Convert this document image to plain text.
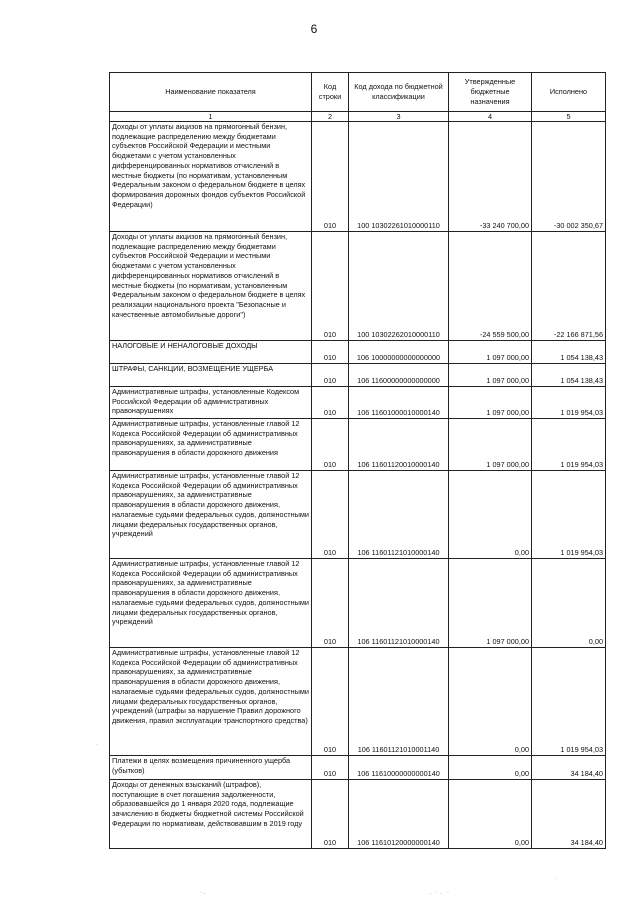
6
Наименование показателя	Код строки	Код дохода по бюджетной классификации	Утвержденные бюджетные назначения	Исполнено
1	2	3	4	5
Доходы от уплаты акцизов на прямогонный бензин, подлежащие распределению между бюджетами субъектов Российской Федерации и местными бюджетами с учетом установленных дифференцированных нормативов отчислений в местные бюджеты (по нормативам, установленным Федеральным законом о федеральном бюджете в целях формирования дорожных фондов субъектов Российской Федерации)	010	100 10302261010000110	-33 240 700,00	-30 002 350,67
Доходы от уплаты акцизов на прямогонный бензин, подлежащие распределению между бюджетами субъектов Российской Федерации и местными бюджетами с учетом установленных дифференцированных нормативов отчислений в местные бюджеты (по нормативам, установленным Федеральным законом о федеральном бюджете в целях реализации национального проекта "Безопасные и качественные автомобильные дороги")	010	100 10302262010000110	-24 559 500,00	-22 166 871,56
НАЛОГОВЫЕ И НЕНАЛОГОВЫЕ ДОХОДЫ	010	106 10000000000000000	1 097 000,00	1 054 138,43
ШТРАФЫ, САНКЦИИ, ВОЗМЕЩЕНИЕ УЩЕРБА	010	106 11600000000000000	1 097 000,00	1 054 138,43
Административные штрафы, установленные Кодексом Российской Федерации об административных правонарушениях	010	106 11601000010000140	1 097 000,00	1 019 954,03
Административные штрафы, установленные главой 12 Кодекса Российской Федерации об административных правонарушениях, за административные правонарушения в области дорожного движения	010	106 11601120010000140	1 097 000,00	1 019 954,03
Административные штрафы, установленные главой 12 Кодекса Российской Федерации об административных правонарушениях, за административные правонарушения в области дорожного движения, налагаемые судьями федеральных судов, должностными лицами федеральных государственных органов, учреждений	010	106 11601121010000140	0,00	1 019 954,03
Административные штрафы, установленные главой 12 Кодекса Российской Федерации об административных правонарушениях, за административные правонарушения в области дорожного движения, налагаемые судьями федеральных судов, должностными лицами федеральных государственных органов, учреждений	010	106 11601121010000140	1 097 000,00	0,00
Административные штрафы, установленные главой 12 Кодекса Российской Федерации об административных правонарушениях, за административные правонарушения в области дорожного движения, налагаемые судьями федеральных судов, должностными лицами федеральных государственных органов, учреждений (штрафы за нарушение Правил дорожного движения, правил эксплуатации транспортного средства)	010	106 11601121010001140	0,00	1 019 954,03
Платежи в целях возмещения причиненного ущерба (убытков)	010	106 11610000000000140	0,00	34 184,40
Доходы от денежных взысканий (штрафов), поступающие в счет погашения задолженности, образовавшейся до 1 января 2020 года, подлежащие зачислению в бюджеты бюджетной системы Российской Федерации по нормативам, действовавшим в 2019 году	010	106 11610120000000140	0,00	34 184,40
·
· .	.  ·  .   ·
·
